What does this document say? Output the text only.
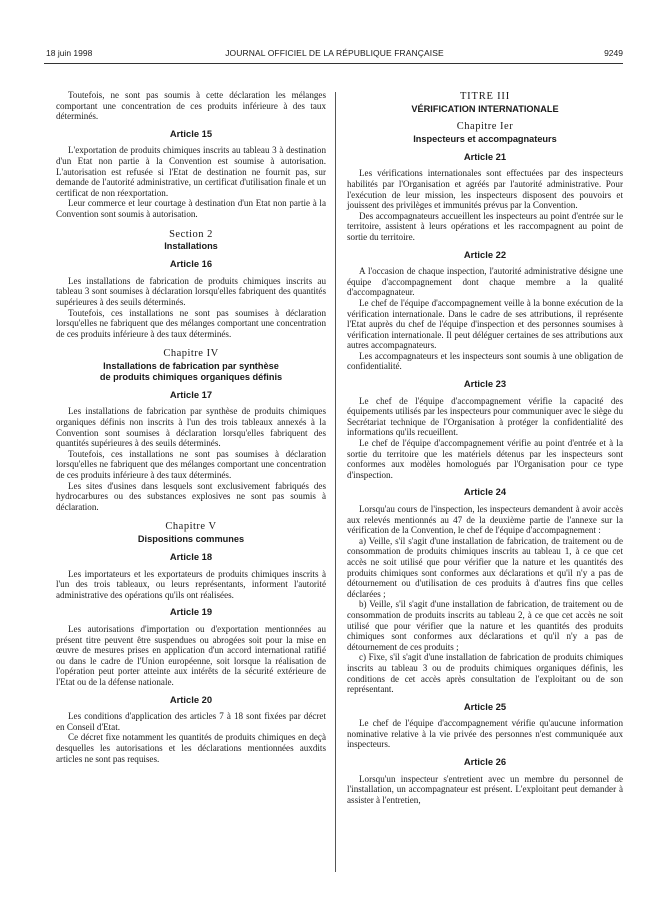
18 juin 1998	JOURNAL OFFICIEL DE LA RÉPUBLIQUE FRANÇAISE	9249

Toutefois, ne sont pas soumis à cette déclaration les mélanges comportant une concentration de ces produits inférieure à des taux déterminés.

Article 15

L'exportation de produits chimiques inscrits au tableau 3 à destination d'un Etat non partie à la Convention est soumise à autorisation. L'autorisation est refusée si l'Etat de destination ne fournit pas, sur demande de l'autorité administrative, un certificat d'utilisation finale et un certificat de non réexportation.

Leur commerce et leur courtage à destination d'un Etat non partie à la Convention sont soumis à autorisation.

Section 2
Installations
Article 16

Les installations de fabrication de produits chimiques inscrits au tableau 3 sont soumises à déclaration lorsqu'elles fabriquent des quantités supérieures à des seuils déterminés.

Toutefois, ces installations ne sont pas soumises à déclaration lorsqu'elles ne fabriquent que des mélanges comportant une concentration de ces produits inférieure à des taux déterminés.

Chapitre IV
Installations de fabrication par synthèse
de produits chimiques organiques définis
Article 17

Les installations de fabrication par synthèse de produits chimiques organiques définis non inscrits à l'un des trois tableaux annexés à la Convention sont soumises à déclaration lorsqu'elles fabriquent des quantités supérieures à des seuils déterminés.

Toutefois, ces installations ne sont pas soumises à déclaration lorsqu'elles ne fabriquent que des mélanges comportant une concentration de ces produits inférieure à des taux déterminés.

Les sites d'usines dans lesquels sont exclusivement fabriqués des hydrocarbures ou des substances explosives ne sont pas soumis à déclaration.

Chapitre V
Dispositions communes
Article 18

Les importateurs et les exportateurs de produits chimiques inscrits à l'un des trois tableaux, ou leurs représentants, informent l'autorité administrative des opérations qu'ils ont réalisées.

Article 19

Les autorisations d'importation ou d'exportation mentionnées au présent titre peuvent être suspendues ou abrogées soit pour la mise en œuvre de mesures prises en application d'un accord international ratifié ou dans le cadre de l'Union européenne, soit lorsque la réalisation de l'opération peut porter atteinte aux intérêts de la sécurité extérieure de l'Etat ou de la défense nationale.

Article 20

Les conditions d'application des articles 7 à 18 sont fixées par décret en Conseil d'Etat.

Ce décret fixe notamment les quantités de produits chimiques en deçà desquelles les autorisations et les déclarations mentionnées auxdits articles ne sont pas requises.

TITRE III
VÉRIFICATION INTERNATIONALE
Chapitre Ier
Inspecteurs et accompagnateurs
Article 21

Les vérifications internationales sont effectuées par des inspecteurs habilités par l'Organisation et agréés par l'autorité administrative. Pour l'exécution de leur mission, les inspecteurs disposent des pouvoirs et jouissent des privilèges et immunités prévus par la Convention.

Des accompagnateurs accueillent les inspecteurs au point d'entrée sur le territoire, assistent à leurs opérations et les raccompagnent au point de sortie du territoire.

Article 22

A l'occasion de chaque inspection, l'autorité administrative désigne une équipe d'accompagnement dont chaque membre a la qualité d'accompagnateur.

Le chef de l'équipe d'accompagnement veille à la bonne exécution de la vérification internationale. Dans le cadre de ses attributions, il représente l'Etat auprès du chef de l'équipe d'inspection et des personnes soumises à vérification internationale. Il peut déléguer certaines de ses attributions aux autres accompagnateurs.

Les accompagnateurs et les inspecteurs sont soumis à une obligation de confidentialité.

Article 23

Le chef de l'équipe d'accompagnement vérifie la capacité des équipements utilisés par les inspecteurs pour communiquer avec le siège du Secrétariat technique de l'Organisation à protéger la confidentialité des informations qu'ils recueillent.

Le chef de l'équipe d'accompagnement vérifie au point d'entrée et à la sortie du territoire que les matériels détenus par les inspecteurs sont conformes aux modèles homologués par l'Organisation pour ce type d'inspection.

Article 24

Lorsqu'au cours de l'inspection, les inspecteurs demandent à avoir accès aux relevés mentionnés au 47 de la deuxième partie de l'annexe sur la vérification de la Convention, le chef de l'équipe d'accompagnement :

a) Veille, s'il s'agit d'une installation de fabrication, de traitement ou de consommation de produits chimiques inscrits au tableau 1, à ce que cet accès ne soit utilisé que pour vérifier que la nature et les quantités des produits chimiques sont conformes aux déclarations et qu'il n'y a pas de détournement ou d'utilisation de ces produits à d'autres fins que celles déclarées ;

b) Veille, s'il s'agit d'une installation de fabrication, de traitement ou de consommation de produits inscrits au tableau 2, à ce que cet accès ne soit utilisé que pour vérifier que la nature et les quantités des produits chimiques sont conformes aux déclarations et qu'il n'y a pas de détournement de ces produits ;

c) Fixe, s'il s'agit d'une installation de fabrication de produits chimiques inscrits au tableau 3 ou de produits chimiques organiques définis, les conditions de cet accès après consultation de l'exploitant ou de son représentant.

Article 25

Le chef de l'équipe d'accompagnement vérifie qu'aucune information nominative relative à la vie privée des personnes n'est communiquée aux inspecteurs.

Article 26

Lorsqu'un inspecteur s'entretient avec un membre du personnel de l'installation, un accompagnateur est présent. L'exploitant peut demander à assister à l'entretien,
